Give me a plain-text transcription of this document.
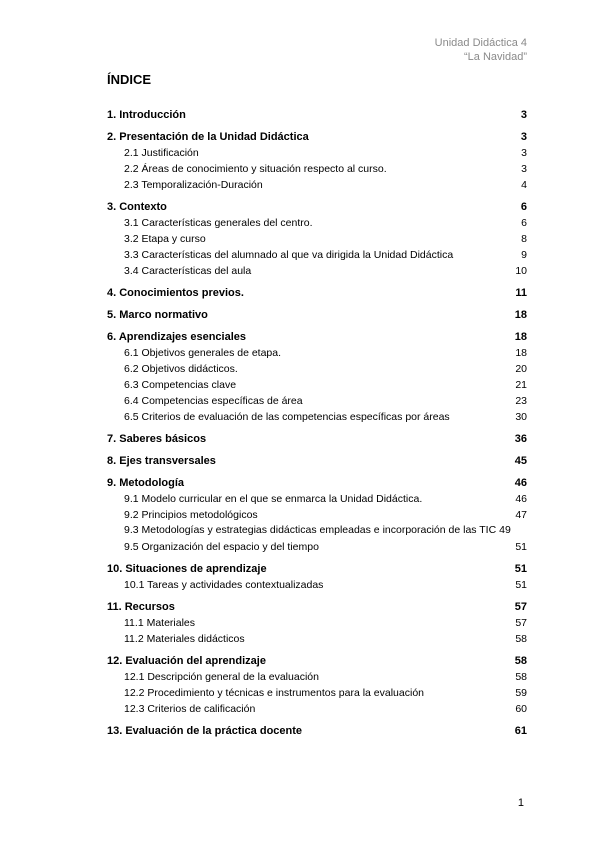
Unidad Didáctica 4
“La Navidad”
ÍNDICE
1. Introducción	3
2. Presentación de la Unidad Didáctica	3
2.1 Justificación	3
2.2 Áreas de conocimiento y situación respecto al curso.	3
2.3 Temporalización-Duración	4
3. Contexto	6
3.1 Características generales del centro.	6
3.2 Etapa y curso	8
3.3 Características del alumnado al que va dirigida la Unidad Didáctica	9
3.4 Características del aula	10
4. Conocimientos previos.	11
5. Marco normativo	18
6. Aprendizajes esenciales	18
6.1 Objetivos generales de etapa.	18
6.2 Objetivos didácticos.	20
6.3 Competencias clave	21
6.4 Competencias específicas de área	23
6.5 Criterios de evaluación de las competencias específicas por áreas	30
7. Saberes básicos	36
8. Ejes transversales	45
9. Metodología	46
9.1 Modelo curricular en el que se enmarca la Unidad Didáctica.	46
9.2 Principios metodológicos	47
9.3 Metodologías y estrategias didácticas empleadas e incorporación de las TIC 49
9.5 Organización del espacio y del tiempo	51
10. Situaciones de aprendizaje	51
10.1 Tareas y actividades contextualizadas	51
11. Recursos	57
11.1 Materiales	57
11.2 Materiales didácticos	58
12. Evaluación del aprendizaje	58
12.1 Descripción general de la evaluación	58
12.2 Procedimiento y técnicas e instrumentos para la evaluación	59
12.3 Criterios de calificación	60
13. Evaluación de la práctica docente	61
1
